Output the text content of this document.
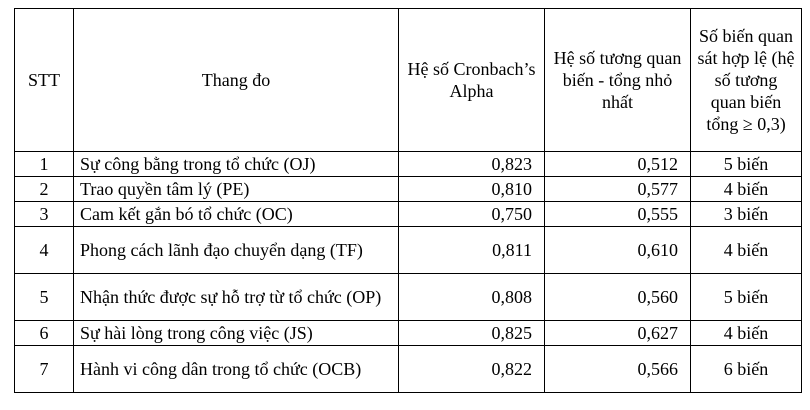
STT	Thang đo	Hệ số Cronbach’s Alpha	Hệ số tương quan biến - tổng nhỏ nhất	Số biến quan sát hợp lệ (hệ số tương quan biến tổng ≥ 0,3)
1	Sự công bằng trong tổ chức (OJ)	0,823	0,512	5 biến
2	Trao quyền tâm lý (PE)	0,810	0,577	4 biến
3	Cam kết gắn bó tổ chức (OC)	0,750	0,555	3 biến
4	Phong cách lãnh đạo chuyển dạng (TF)	0,811	0,610	4 biến
5	Nhận thức được sự hỗ trợ từ tổ chức (OP)	0,808	0,560	5 biến
6	Sự hài lòng trong công việc (JS)	0,825	0,627	4 biến
7	Hành vi công dân trong tổ chức (OCB)	0,822	0,566	6 biến
